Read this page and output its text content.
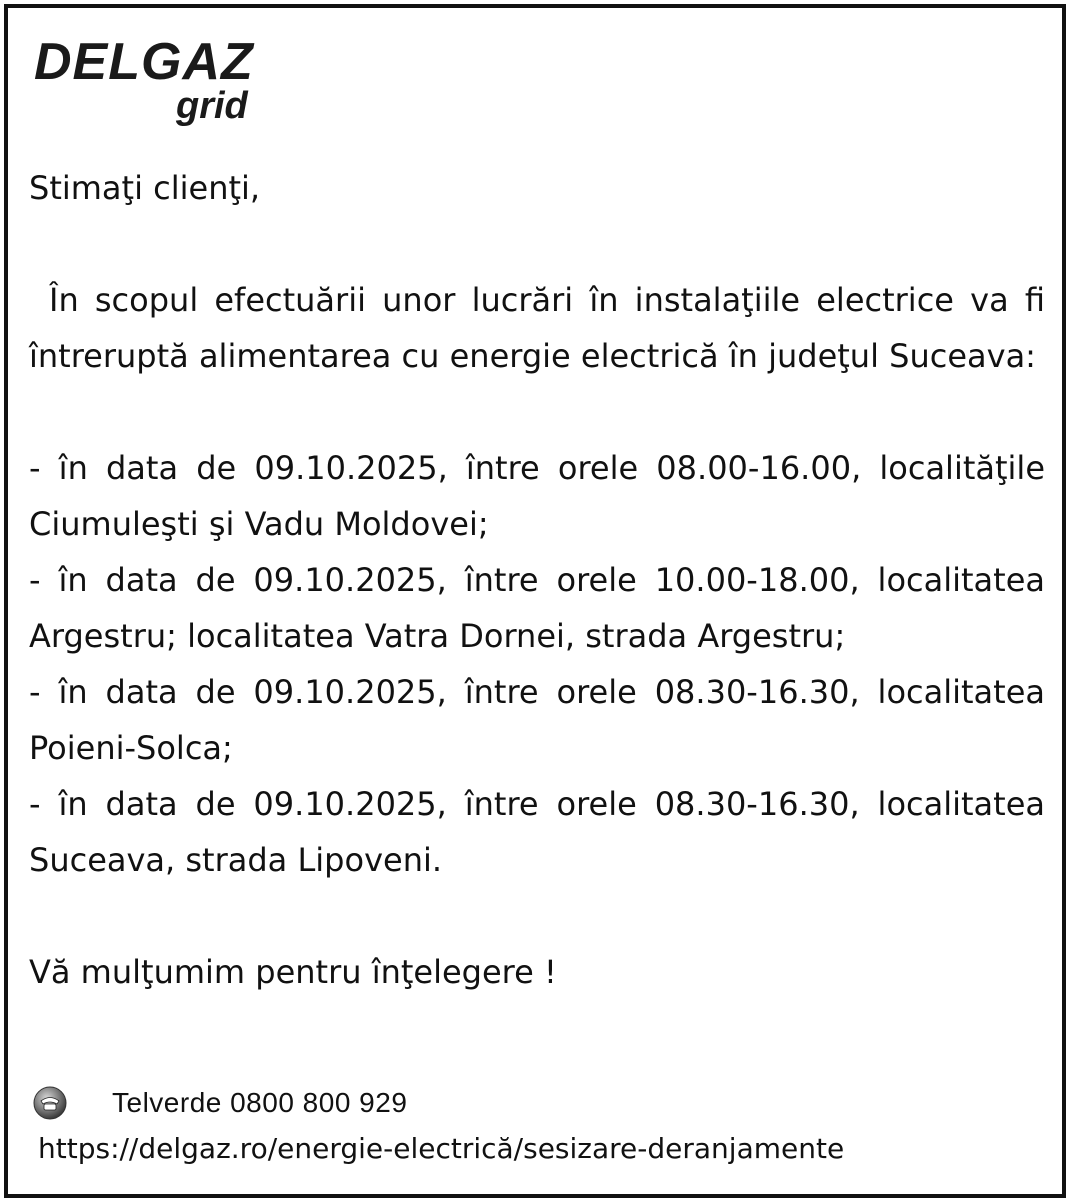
DELGAZ
grid

Stimaţi clienţi,

În scopul efectuării unor lucrări în instalaţiile electrice va fi întreruptă alimentarea cu energie electrică în judeţul Suceava:

- în data de 09.10.2025, între orele 08.00-16.00, localităţile Ciumuleşti şi Vadu Moldovei;

- în data de 09.10.2025, între orele 10.00-18.00, localitatea Argestru; localitatea Vatra Dornei, strada Argestru;

- în data de 09.10.2025, între orele 08.30-16.30, localitatea Poieni-Solca;

- în data de 09.10.2025, între orele 08.30-16.30, localitatea Suceava, strada Lipoveni.

Vă mulţumim pentru înţelegere !

Telverde 0800 800 929
https://delgaz.ro/energie-electrică/sesizare-deranjamente
